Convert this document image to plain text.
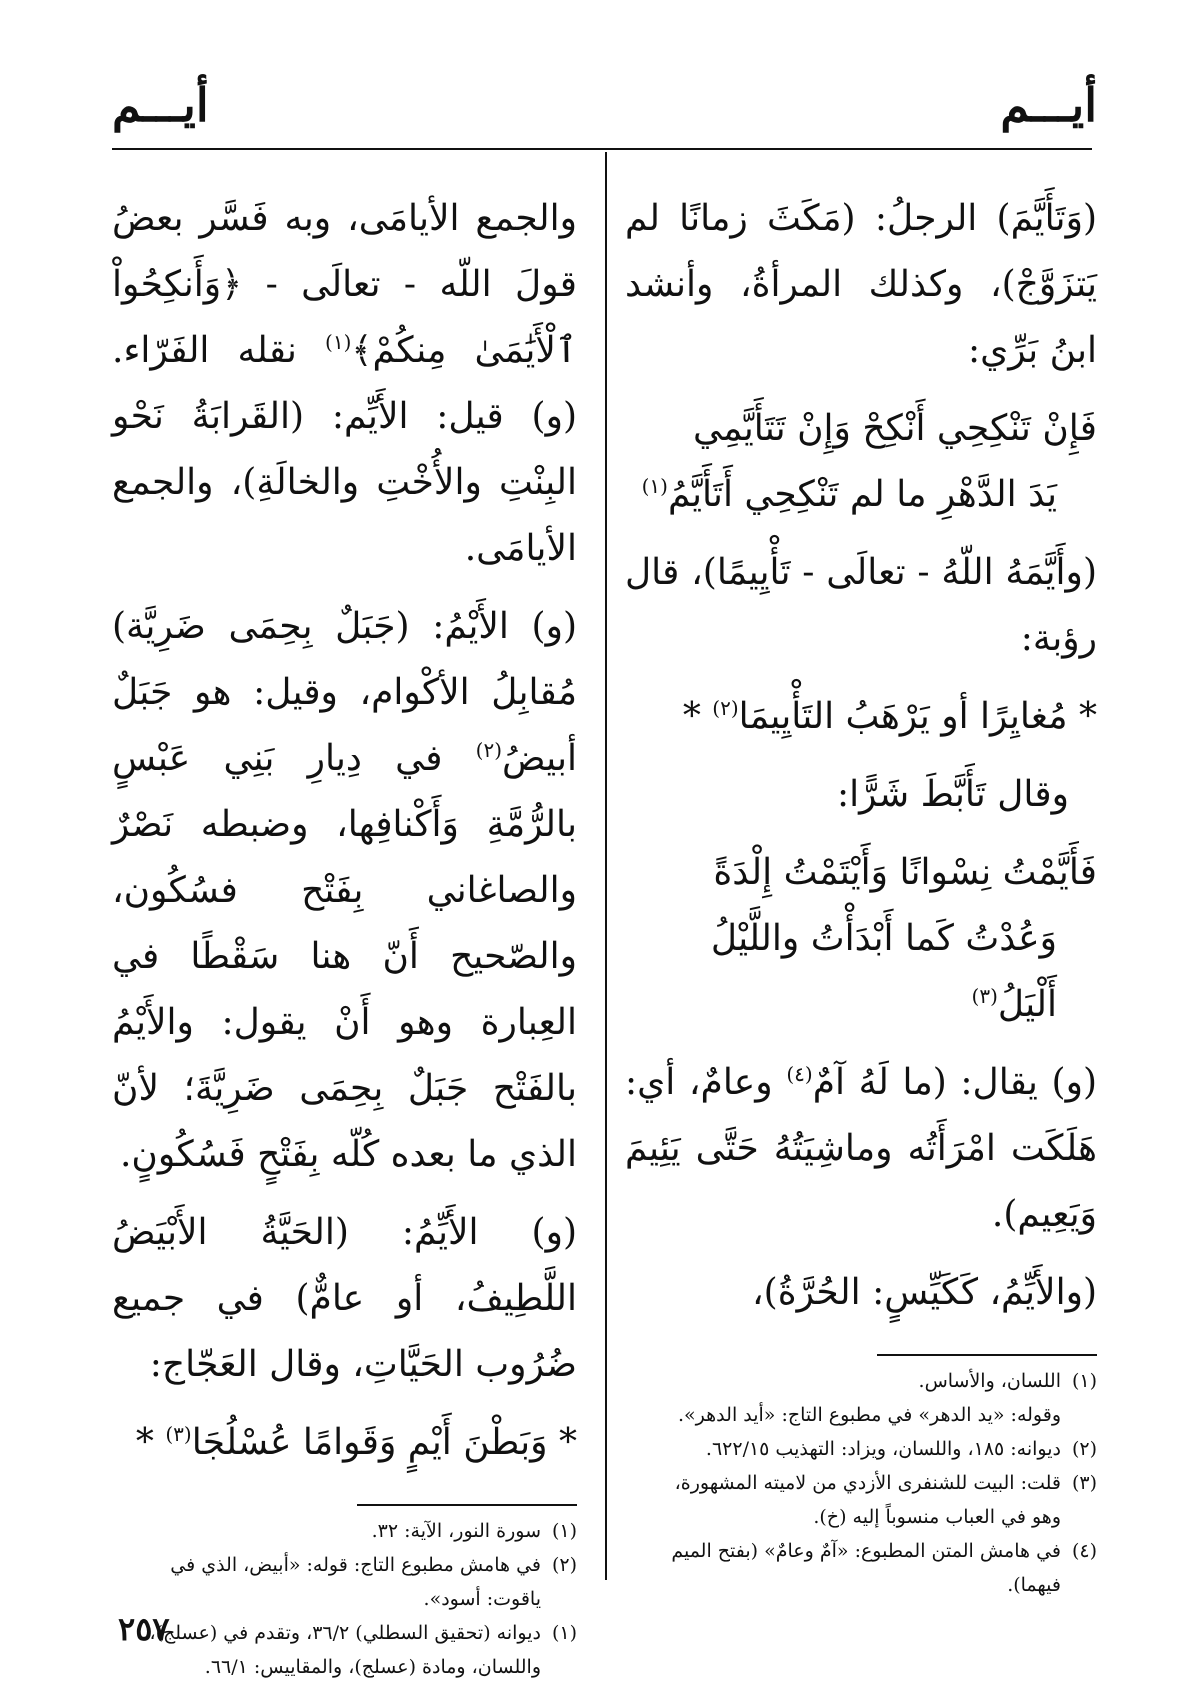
أيـــم
أيـــم

(وَتَأَيَّمَ) الرجلُ: (مَكَثَ زمانًا لم يَتزَوَّجْ)، وكذلك المرأةُ، وأنشد ابنُ بَرِّي:

فَإِنْ تَنْكِحِي أَنْكِحْ وَإِنْ تَتَأَيَّمِي

يَدَ الدَّهْرِ ما لم تَنْكِحِي أَتَأَيَّمُ$^{(١)}$

(وأَيَّمَهُ اللّهُ - تعالَى - تَأْيِيمًا)، قال رؤبة:

* مُغايِرًا أو يَرْهَبُ التَأْيِيمَا$^{(٢)}$ *

وقال تَأَبَّطَ شَرًّا:

فَأَيَّمْتُ نِسْوانًا وَأَيْتَمْتُ إِلْدَةً

وَعُدْتُ كَما أَبْدَأْتُ واللَّيْلُ أَلْيَلُ$^{(٣)}$

(و) يقال: (ما لَهُ آمٌ$^{(٤)}$ وعامٌ، أي: هَلَكَت امْرَأَتُه وماشِيَتُهُ حَتَّى يَئِيمَ وَيَعِيم).

(والأَيِّمُ، كَكَيِّسٍ: الحُرَّةُ)،

(١)اللسان، والأساس.

وقوله: «يد الدهر» في مطبوع التاج: «أيد الدهر».

(٢)ديوانه: ١٨٥، واللسان، ويزاد: التهذيب ٦٢٢/١٥.

(٣)قلت: البيت للشنفرى الأزدي من لاميته المشهورة،

وهو في العباب منسوباً إليه (خ).

(٤)في هامش المتن المطبوع: «آمٌ وعامٌ» (بفتح الميم

فيهما).

والجمع الأيامَى، وبه فَسَّر بعضُ قولَ اللّه - تعالَى - ﴿وَأَنكِحُواْ ٱلْأَيَٰمَىٰ مِنكُمْ﴾$^{(١)}$ نقله الفَرّاء. (و) قيل: الأَيِّم: (القَرابَةُ نَحْو البِنْتِ والأُخْتِ والخالَةِ)، والجمع الأيامَى.

(و) الأَيْمُ: (جَبَلٌ بِحِمَى ضَرِيَّة) مُقابِلُ الأكْوام، وقيل: هو جَبَلٌ أبيضُ$^{(٢)}$ في دِيارِ بَنِي عَبْسٍ بالرُّمَّةِ وَأَكْنافِها، وضبطه نَصْرٌ والصاغاني بِفَتْح فسُكُون، والصّحيح أَنّ هنا سَقْطًا في العِبارة وهو أَنْ يقول: والأَيْمُ بالفَتْح جَبَلٌ بِحِمَى ضَرِيَّةَ؛ لأنّ الذي ما بعده كُلّه بِفَتْحٍ فَسُكُونٍ.

(و) الأَيِّمُ: (الحَيَّةُ الأَبْيَضُ اللَّطِيفُ، أو عامٌّ) في جميع ضُرُوب الحَيَّاتِ، وقال العَجّاج:

* وَبَطْنَ أَيْمٍ وَقَوامًا عُسْلُجَا$^{(٣)}$ *

(١)سورة النور، الآية: ٣٢.

(٢)في هامش مطبوع التاج: قوله: «أبيض، الذي في

ياقوت: أسود».

(١)ديوانه (تحقيق السطلي) ٣٦/٢، وتقدم في (عسلج)،

واللسان، ومادة (عسلج)، والمقاييس: ٦٦/١.

٢٥٧
